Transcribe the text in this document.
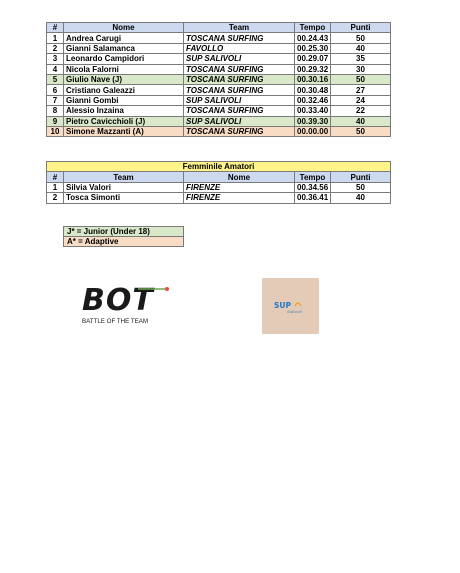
#	Nome	Team	Tempo	Punti
1	Andrea Carugi	TOSCANA SURFING	00.24.43	50
2	Gianni Salamanca	FAVOLLO	00.25.30	40
3	Leonardo Campidori	SUP SALIVOLI	00.29.07	35
4	Nicola Falorni	TOSCANA SURFING	00.29.32	30
5	Giulio Nave (J)	TOSCANA SURFING	00.30.16	50
6	Cristiano Galeazzi	TOSCANA SURFING	00.30.48	27
7	Gianni Gombi	SUP SALIVOLI	00.32.46	24
8	Alessio Inzaina	TOSCANA SURFING	00.33.40	22
9	Pietro Cavicchioli (J)	SUP SALIVOLI	00.39.30	40
10	Simone Mazzanti (A)	TOSCANA SURFING	00.00.00	50
Femminile Amatori				
#	Team	Nome	Tempo	Punti
1	Silvia Valori	FIRENZE	00.34.56	50
2	Tosca Simonti	FIRENZE	00.36.41	40
J* = Junior (Under 18)
A* = Adaptive
BOT
BATTLE OF THE TEAM
SUP
Salivoli
